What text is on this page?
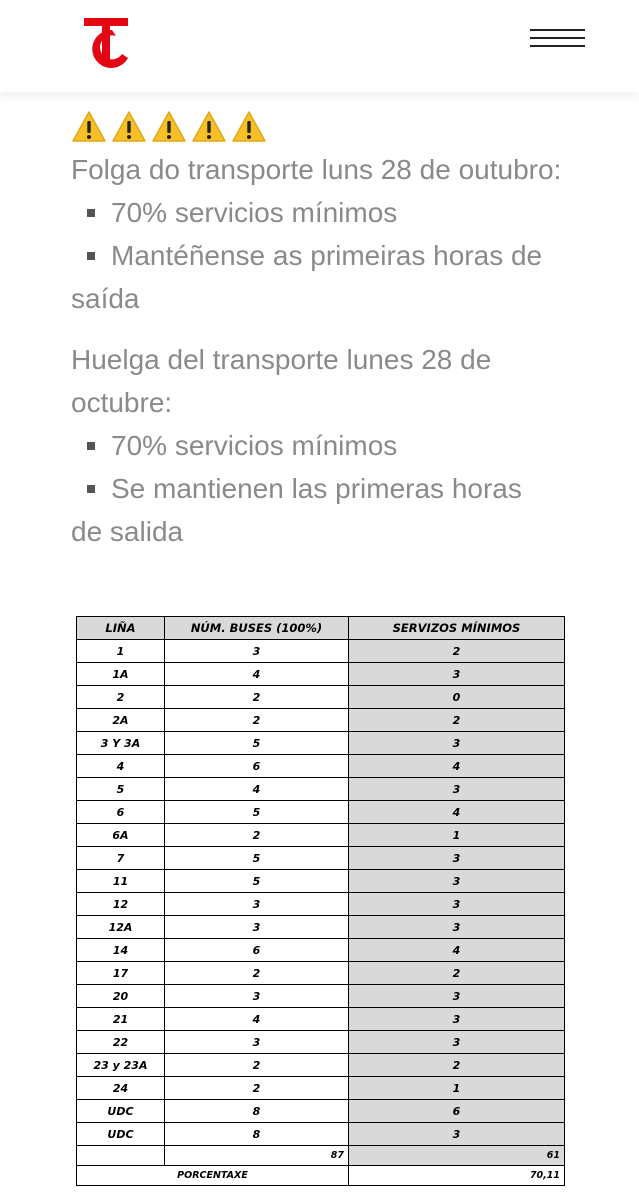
Folga do transporte luns 28 de outubro:

70% servicios mínimos

Mantéñense as primeiras horas de

saída

Huelga del transporte lunes 28 de octubre:

70% servicios mínimos

Se mantienen las primeras horas

de salida

LIÑA	NÚM. BUSES (100%)	SERVIZOS MÍNIMOS
1	3	2
1A	4	3
2	2	0
2A	2	2
3 Y 3A	5	3
4	6	4
5	4	3
6	5	4
6A	2	1
7	5	3
11	5	3
12	3	3
12A	3	3
14	6	4
17	2	2
20	3	3
21	4	3
22	3	3
23 y 23A	2	2
24	2	1
UDC	8	6
UDC	8	3
	87	61
PORCENTAXE		70,11
